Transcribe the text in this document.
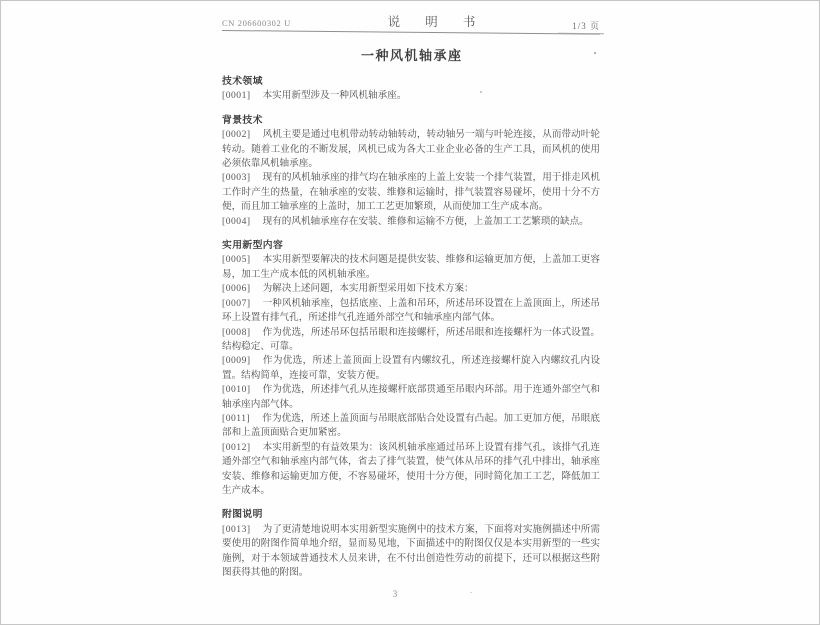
CN 206600302 U	说 明 书	1/3 页
一种风机轴承座
技术领域
[0001] 本实用新型涉及一种风机轴承座。
背景技术
[0002] 风机主要是通过电机带动转动轴转动，转动轴另一端与叶轮连接，从而带动叶轮转动。随着工业化的不断发展，风机已成为各大工业企业必备的生产工具，而风机的使用必须依靠风机轴承座。
[0003] 现有的风机轴承座的排气均在轴承座的上盖上安装一个排气装置，用于排走风机工作时产生的热量，在轴承座的安装、维修和运输时，排气装置容易碰坏，使用十分不方便，而且加工轴承座的上盖时，加工工艺更加繁琐，从而使加工生产成本高。
[0004] 现有的风机轴承座存在安装、维修和运输不方便，上盖加工工艺繁琐的缺点。
实用新型内容
[0005] 本实用新型要解决的技术问题是提供安装、维修和运输更加方便，上盖加工更容易，加工生产成本低的风机轴承座。
[0006] 为解决上述问题，本实用新型采用如下技术方案：
[0007] 一种风机轴承座，包括底座、上盖和吊环，所述吊环设置在上盖顶面上，所述吊环上设置有排气孔，所述排气孔连通外部空气和轴承座内部气体。
[0008] 作为优选，所述吊环包括吊眼和连接螺杆，所述吊眼和连接螺杆为一体式设置。结构稳定、可靠。
[0009] 作为优选，所述上盖顶面上设置有内螺纹孔，所述连接螺杆旋入内螺纹孔内设置。结构简单，连接可靠，安装方便。
[0010] 作为优选，所述排气孔从连接螺杆底部贯通至吊眼内环部。用于连通外部空气和轴承座内部气体。
[0011] 作为优选，所述上盖顶面与吊眼底部贴合处设置有凸起。加工更加方便，吊眼底部和上盖顶面贴合更加紧密。
[0012] 本实用新型的有益效果为：该风机轴承座通过吊环上设置有排气孔，该排气孔连通外部空气和轴承座内部气体，省去了排气装置，使气体从吊环的排气孔中排出，轴承座安装、维修和运输更加方便，不容易碰坏，使用十分方便，同时简化加工工艺，降低加工生产成本。
附图说明
[0013] 为了更清楚地说明本实用新型实施例中的技术方案，下面将对实施例描述中所需要使用的附图作简单地介绍，显而易见地，下面描述中的附图仅仅是本实用新型的一些实施例，对于本领域普通技术人员来讲，在不付出创造性劳动的前提下，还可以根据这些附图获得其他的附图。
3
